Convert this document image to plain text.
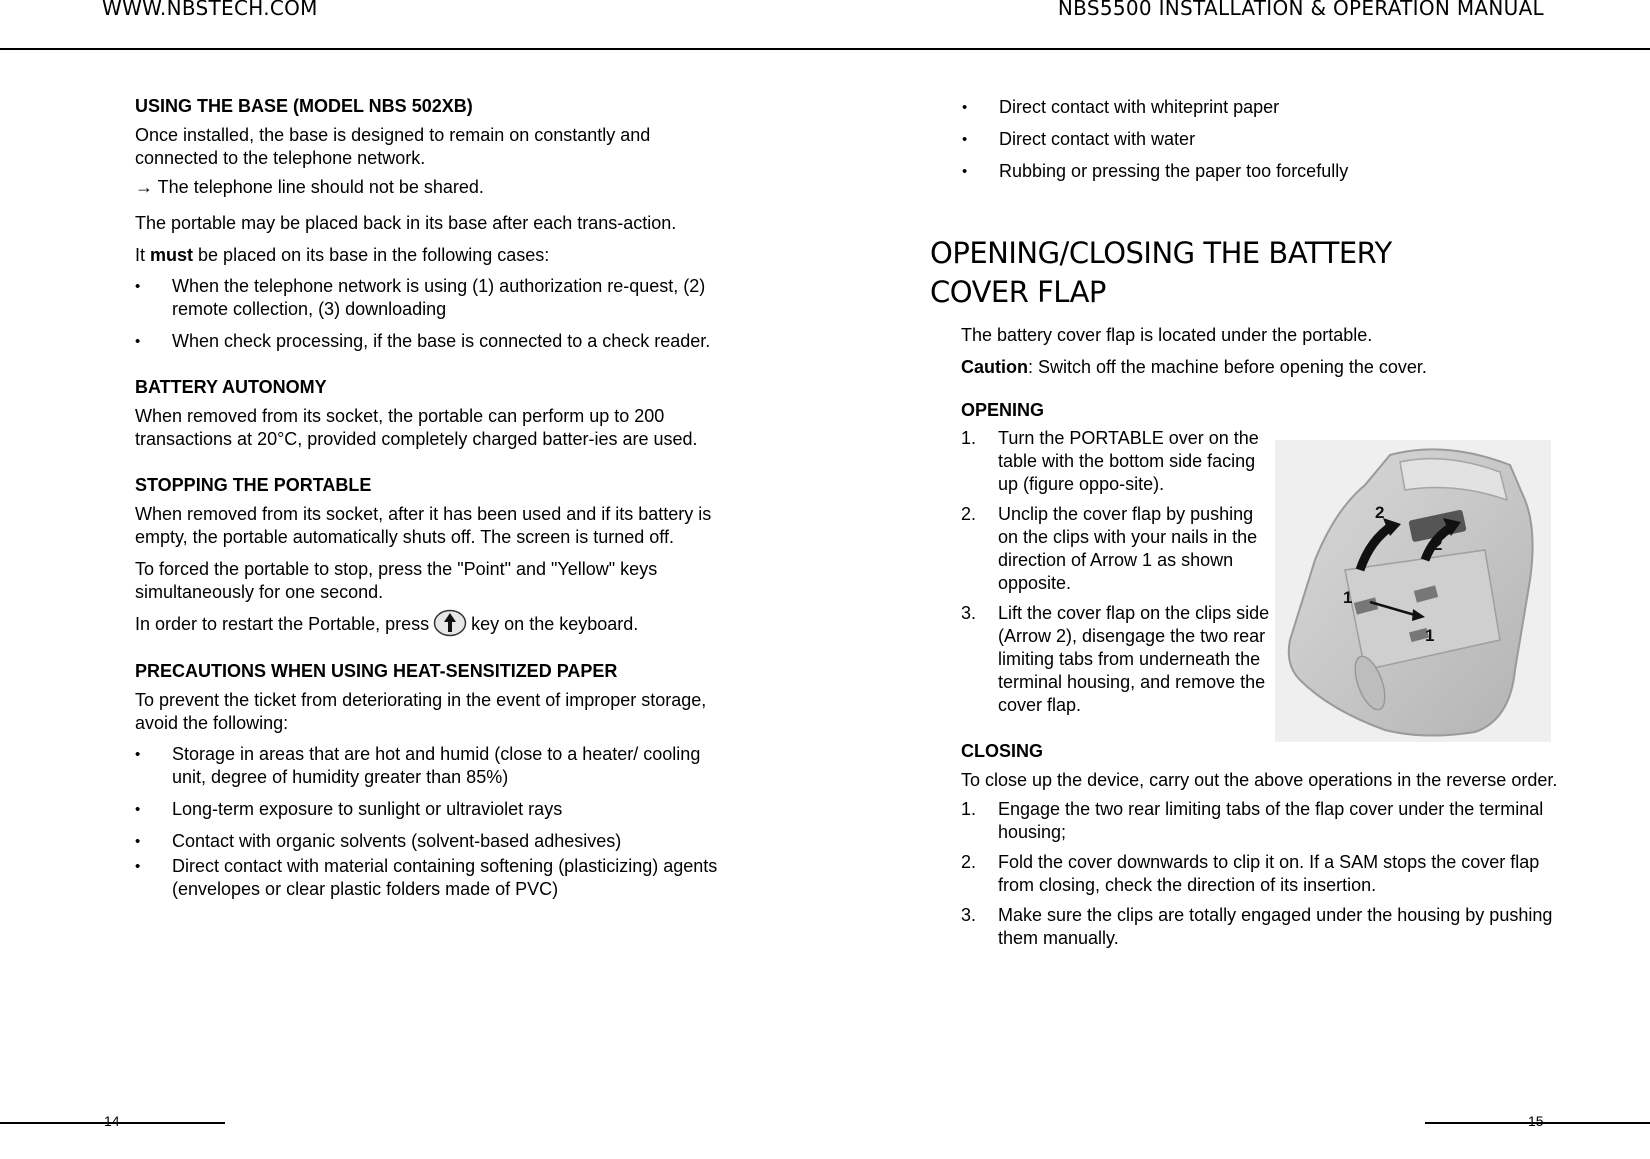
WWW.NBSTECH.COM	NBS5500 INSTALLATION & OPERATION MANUAL

USING THE BASE (MODEL NBS 502XB)

Once installed, the base is designed to remain on constantly and connected to the telephone network.

→ The telephone line should not be shared.

The portable may be placed back in its base after each trans-action.

It must be placed on its base in the following cases:

• When the telephone network is using (1) authorization re-quest, (2) remote collection, (3) downloading
• When check processing, if the base is connected to a check reader.

BATTERY AUTONOMY

When removed from its socket, the portable can perform up to 200 transactions at 20°C, provided completely charged batter-ies are used.

STOPPING THE PORTABLE

When removed from its socket, after it has been used and if its battery is empty, the portable automatically shuts off. The screen is turned off.

To forced the portable to stop, press the "Point" and "Yellow" keys simultaneously for one second.

In order to restart the Portable, press key on the keyboard.

PRECAUTIONS WHEN USING HEAT-SENSITIZED PAPER

To prevent the ticket from deteriorating in the event of improper storage, avoid the following:

• Storage in areas that are hot and humid (close to a heater/ cooling unit, degree of humidity greater than 85%)
• Long-term exposure to sunlight or ultraviolet rays
• Contact with organic solvents (solvent-based adhesives)
• Direct contact with material containing softening (plasticizing) agents (envelopes or clear plastic folders made of PVC)
• Direct contact with whiteprint paper
• Direct contact with water
• Rubbing or pressing the paper too forcefully
OPENING/CLOSING THE BATTERY
COVER FLAP

The battery cover flap is located under the portable.

Caution: Switch off the machine before opening the cover.

OPENING

1. Turn the PORTABLE over on the table with the bottom side facing up (figure oppo-site).
2. Unclip the cover flap by pushing on the clips with your nails in the direction of Arrow 1 as shown opposite.
3. Lift the cover flap on the clips side (Arrow 2), disengage the two rear limiting tabs from underneath the terminal housing, and remove the cover flap.

CLOSING

To close up the device, carry out the above operations in the reverse order.

1. Engage the two rear limiting tabs of the flap cover under the terminal housing;
2. Fold the cover downwards to clip it on. If a SAM stops the cover flap from closing, check the direction of its insertion.
3. Make sure the clips are totally engaged under the housing by pushing them manually.
2
2
1
1
14	15
